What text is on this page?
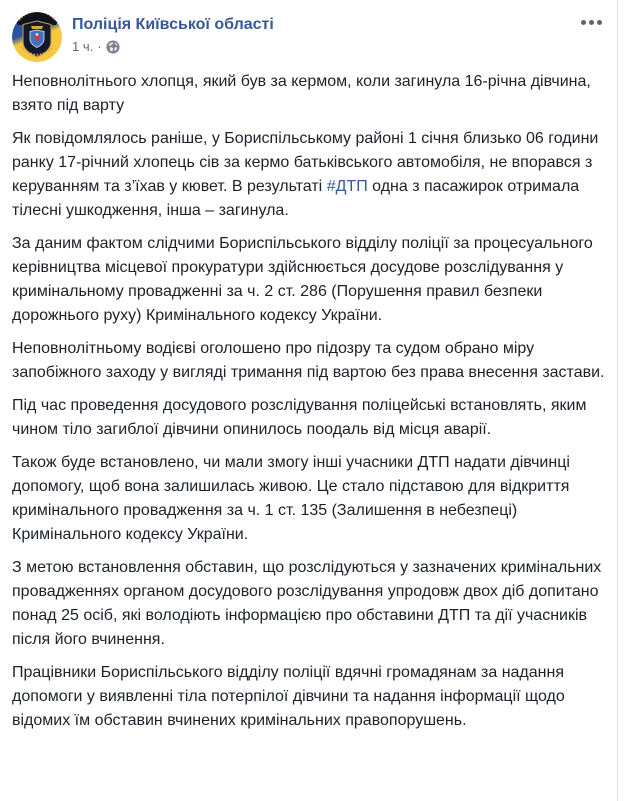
Поліція Київської області
1 ч. ·

Неповнолітнього хлопця, який був за кермом, коли загинула 16-річна дівчина, взято під варту

Як повідомлялось раніше, у Бориспільському районі 1 січня близько 06 години ранку 17-річний хлопець сів за кермо батьківського автомобіля, не впорався з керуванням та з’їхав у кювет. В результаті #ДТП одна з пасажирок отримала тілесні ушкодження, інша – загинула.

За даним фактом слідчими Бориспільського відділу поліції за процесуального керівництва місцевої прокуратури здійснюється досудове розслідування у кримінальному провадженні за ч. 2 ст. 286 (Порушення правил безпеки дорожнього руху) Кримінального кодексу України.

Неповнолітньому водієві оголошено про підозру та судом обрано міру запобіжного заходу у вигляді тримання під вартою без права внесення застави.

Під час проведення досудового розслідування поліцейські встановлять, яким чином тіло загиблої дівчини опинилось поодаль від місця аварії.

Також буде встановлено, чи мали змогу інші учасники ДТП надати дівчинці допомогу, щоб вона залишилась живою. Це стало підставою для відкриття кримінального провадження за ч. 1 ст. 135 (Залишення в небезпеці) Кримінального кодексу України.

З метою встановлення обставин, що розслідуються у зазначених кримінальних провадженнях органом досудового розслідування упродовж двох діб допитано понад 25 осіб, які володіють інформацією про обставини ДТП та дії учасників після його вчинення.

Працівники Бориспільського відділу поліції вдячні громадянам за надання допомоги у виявленні тіла потерпілої дівчини та надання інформації щодо відомих їм обставин вчинених кримінальних правопорушень.
